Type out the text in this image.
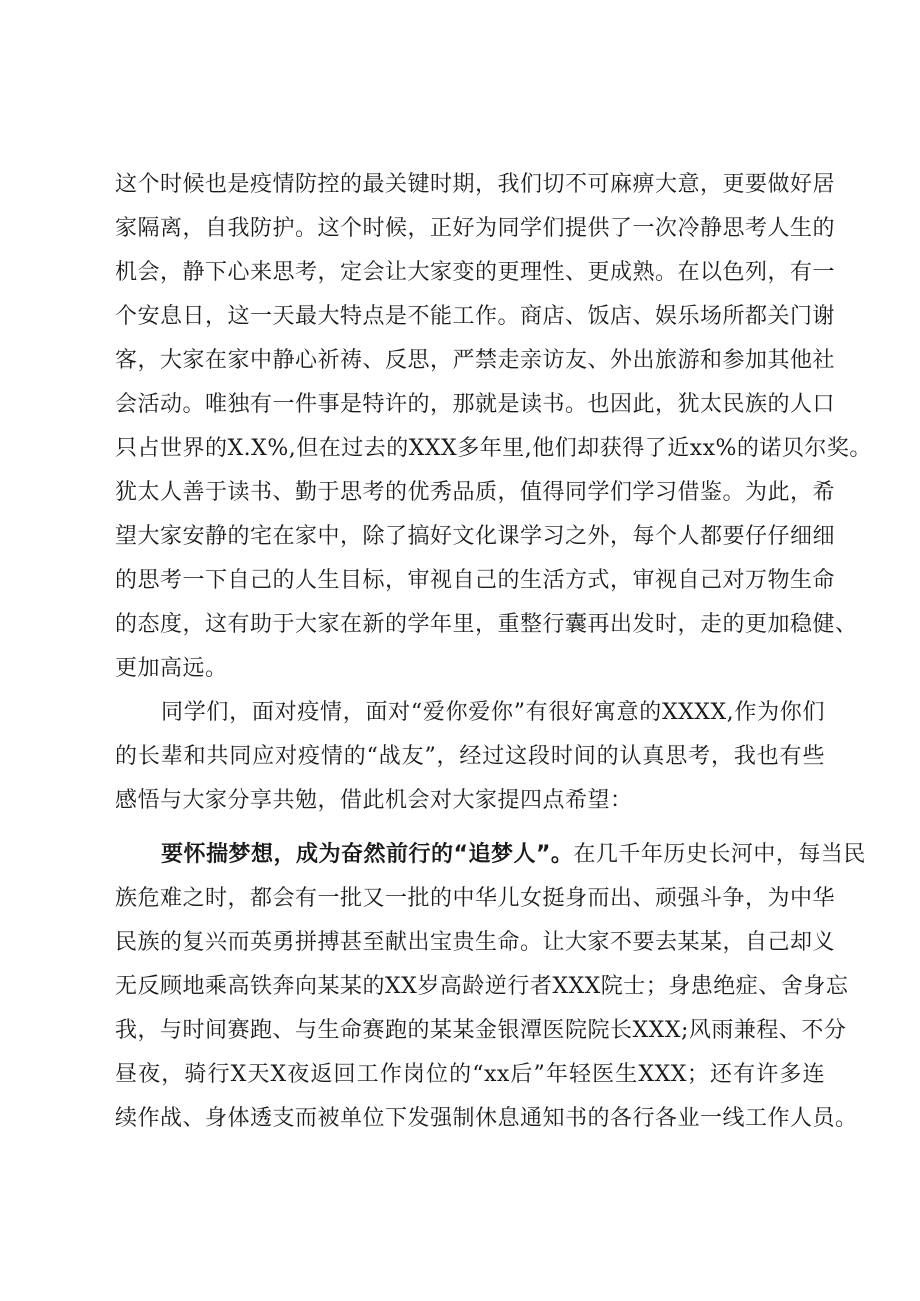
这个时候也是疫情防控的最关键时期，我们切不可麻痹大意，更要做好居
家隔离，自我防护。这个时候，正好为同学们提供了一次冷静思考人生的
机会，静下心来思考，定会让大家变的更理性、更成熟。在以色列，有一
个安息日，这一天最大特点是不能工作。商店、饭店、娱乐场所都关门谢
客，大家在家中静心祈祷、反思，严禁走亲访友、外出旅游和参加其他社
会活动。唯独有一件事是特许的，那就是读书。也因此，犹太民族的人口
只占世界的X.X%,但在过去的XXX多年里,他们却获得了近xx%的诺贝尔奖。
犹太人善于读书、勤于思考的优秀品质，值得同学们学习借鉴。为此，希
望大家安静的宅在家中，除了搞好文化课学习之外，每个人都要仔仔细细
的思考一下自己的人生目标，审视自己的生活方式，审视自己对万物生命
的态度，这有助于大家在新的学年里，重整行囊再出发时，走的更加稳健、
更加高远。
同学们，面对疫情，面对“爱你爱你”有很好寓意的XXXX,作为你们
的长辈和共同应对疫情的“战友”，经过这段时间的认真思考，我也有些
感悟与大家分享共勉，借此机会对大家提四点希望：
要怀揣梦想，成为奋然前行的“追梦人”。在几千年历史长河中，每当民
族危难之时，都会有一批又一批的中华儿女挺身而出、顽强斗争，为中华
民族的复兴而英勇拼搏甚至献出宝贵生命。让大家不要去某某，自己却义
无反顾地乘高铁奔向某某的XX岁高龄逆行者XXX院士；身患绝症、舍身忘
我，与时间赛跑、与生命赛跑的某某金银潭医院院长XXX;风雨兼程、不分
昼夜，骑行X天X夜返回工作岗位的“xx后”年轻医生XXX；还有许多连
续作战、身体透支而被单位下发强制休息通知书的各行各业一线工作人员。
